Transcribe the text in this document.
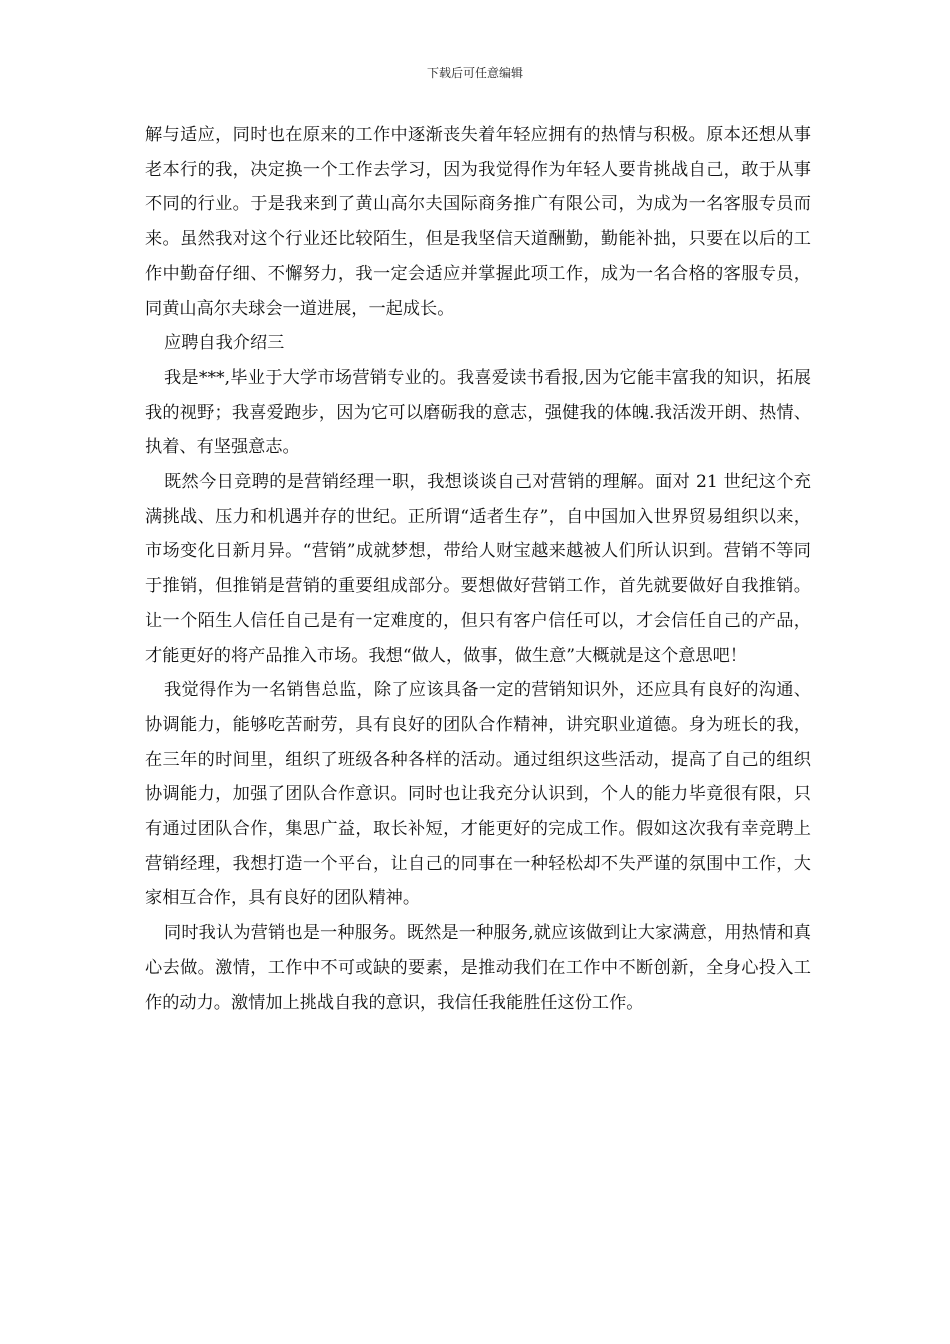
下载后可任意编辑

解与适应，同时也在原来的工作中逐渐丧失着年轻应拥有的热情与积极。原本还想从事老本行的我，决定换一个工作去学习，因为我觉得作为年轻人要肯挑战自己，敢于从事不同的行业。于是我来到了黄山高尔夫国际商务推广有限公司，为成为一名客服专员而来。虽然我对这个行业还比较陌生，但是我坚信天道酬勤，勤能补拙，只要在以后的工作中勤奋仔细、不懈努力，我一定会适应并掌握此项工作，成为一名合格的客服专员，同黄山高尔夫球会一道进展，一起成长。

应聘自我介绍三

我是***,毕业于大学市场营销专业的。我喜爱读书看报,因为它能丰富我的知识，拓展我的视野；我喜爱跑步，因为它可以磨砺我的意志，强健我的体魄.我活泼开朗、热情、执着、有坚强意志。

既然今日竞聘的是营销经理一职，我想谈谈自己对营销的理解。面对 21 世纪这个充满挑战、压力和机遇并存的世纪。正所谓“适者生存”，自中国加入世界贸易组织以来，市场变化日新月异。“营销”成就梦想，带给人财宝越来越被人们所认识到。营销不等同于推销，但推销是营销的重要组成部分。要想做好营销工作，首先就要做好自我推销。让一个陌生人信任自己是有一定难度的，但只有客户信任可以，才会信任自己的产品，才能更好的将产品推入市场。我想“做人，做事，做生意”大概就是这个意思吧！

我觉得作为一名销售总监，除了应该具备一定的营销知识外，还应具有良好的沟通、协调能力，能够吃苦耐劳，具有良好的团队合作精神，讲究职业道德。身为班长的我，在三年的时间里，组织了班级各种各样的活动。通过组织这些活动，提高了自己的组织协调能力，加强了团队合作意识。同时也让我充分认识到，个人的能力毕竟很有限，只有通过团队合作，集思广益，取长补短，才能更好的完成工作。假如这次我有幸竞聘上营销经理，我想打造一个平台，让自己的同事在一种轻松却不失严谨的氛围中工作，大家相互合作，具有良好的团队精神。

同时我认为营销也是一种服务。既然是一种服务,就应该做到让大家满意，用热情和真心去做。激情，工作中不可或缺的要素，是推动我们在工作中不断创新，全身心投入工作的动力。激情加上挑战自我的意识，我信任我能胜任这份工作。
